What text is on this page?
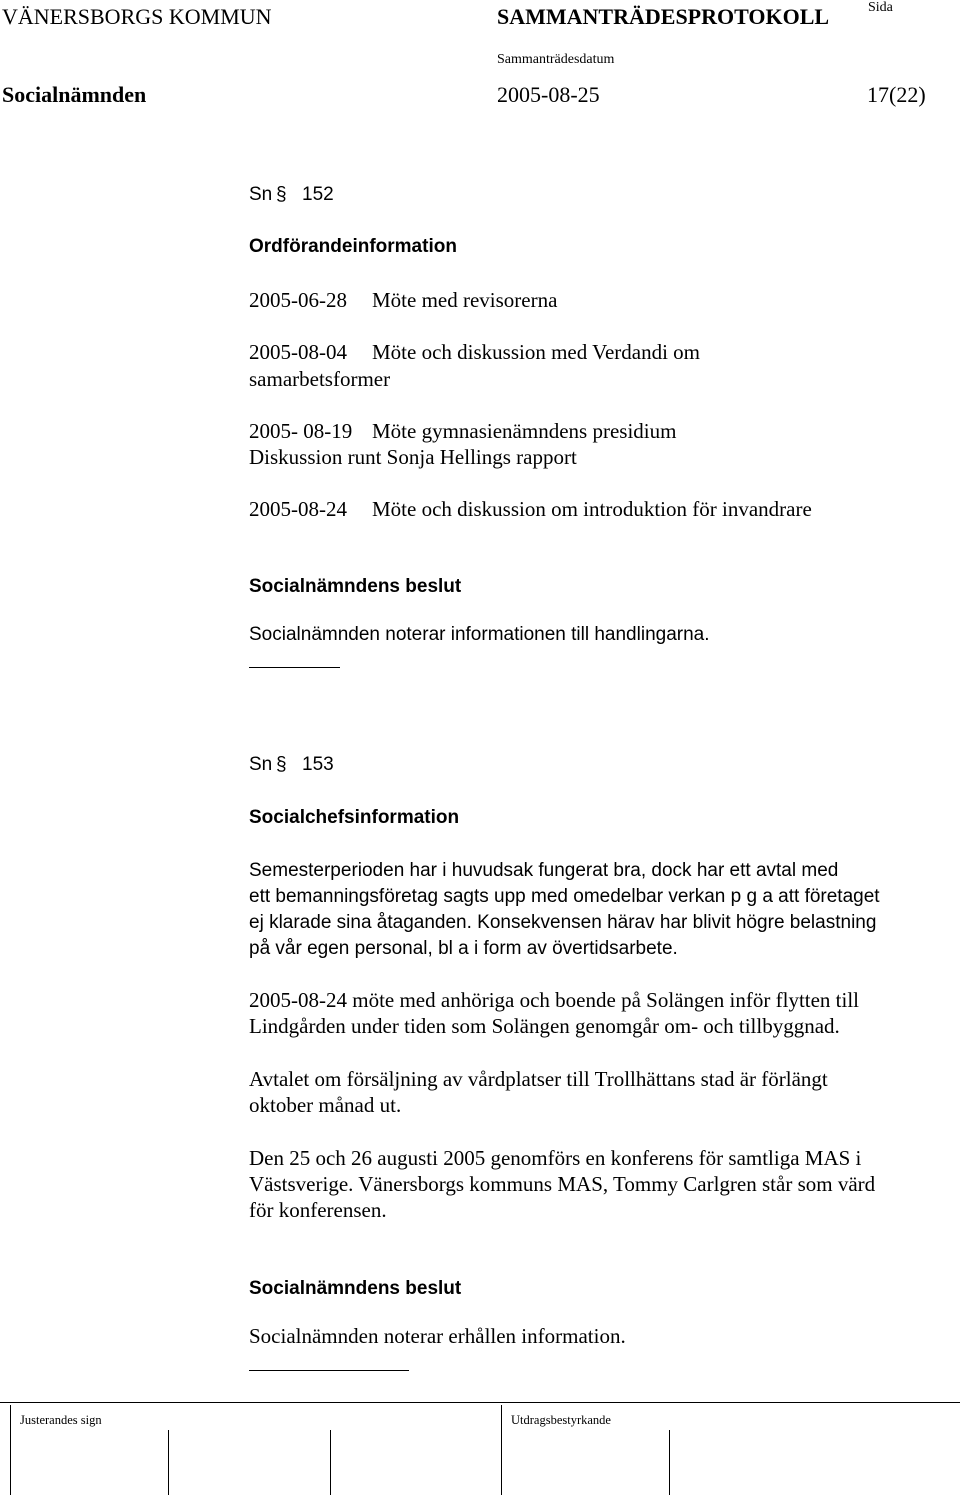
VÄNERSBORGS KOMMUN	SAMMANTRÄDESPROTOKOLL	Sida
Sammanträdesdatum
Socialnämnden	2005-08-25	17(22)
Sn § 152
Ordförandeinformation
2005-06-28 Möte med revisorerna
2005-08-04 Möte och diskussion med Verdandi om
samarbetsformer
2005- 08-19 Möte gymnasienämndens presidium
Diskussion runt Sonja Hellings rapport
2005-08-24 Möte och diskussion om introduktion för invandrare
Socialnämndens beslut
Socialnämnden noterar informationen till handlingarna.
Sn § 153
Socialchefsinformation
Semesterperioden har i huvudsak fungerat bra, dock har ett avtal med
ett bemanningsföretag sagts upp med omedelbar verkan p g a att företaget
ej klarade sina åtaganden. Konsekvensen härav har blivit högre belastning
på vår egen personal, bl a i form av övertidsarbete.
2005-08-24 möte med anhöriga och boende på Solängen inför flytten till
Lindgården under tiden som Solängen genomgår om- och tillbyggnad.
Avtalet om försäljning av vårdplatser till Trollhättans stad är förlängt
oktober månad ut.
Den 25 och 26 augusti 2005 genomförs en konferens för samtliga MAS i
Västsverige. Vänersborgs kommuns MAS, Tommy Carlgren står som värd
för konferensen.
Socialnämndens beslut
Socialnämnden noterar erhållen information.
Justerandes sign	Utdragsbestyrkande
